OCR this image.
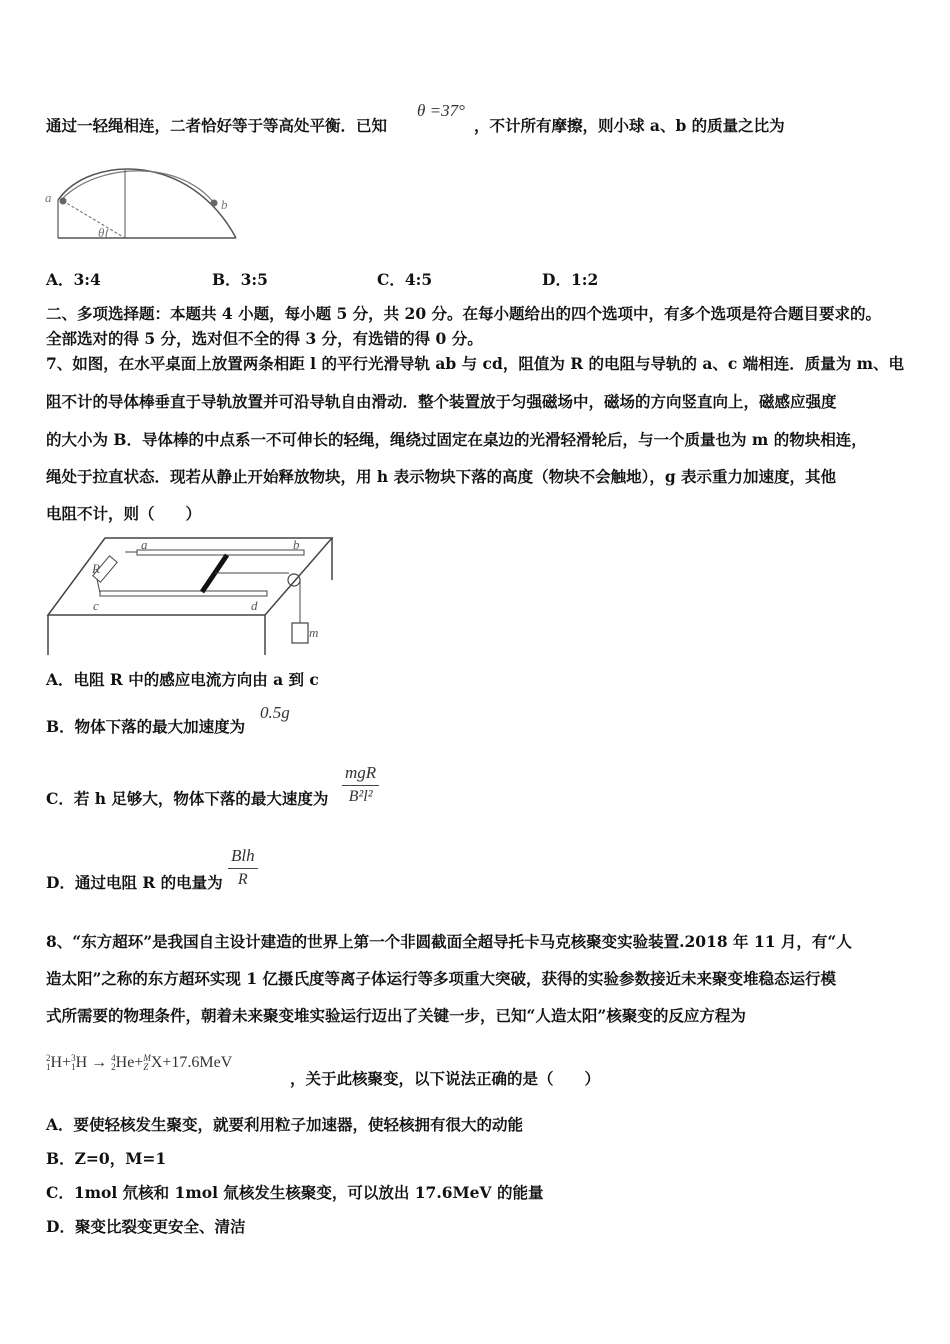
通过一轻绳相连，二者恰好等于等高处平衡．已知
θ =37°
，不计所有摩擦，则小球 a、b 的质量之比为
a	b
θ
A．3:4	B．3:5	C．4:5	D．1:2
二、多项选择题：本题共 4 小题，每小题 5 分，共 20 分。在每小题给出的四个选项中，有多个选项是符合题目要求的。
全部选对的得 5 分，选对但不全的得 3 分，有选错的得 0 分。
7、如图，在水平桌面上放置两条相距 l 的平行光滑导轨 ab 与 cd，阻值为 R 的电阻与导轨的 a、c 端相连．质量为 m、电
阻不计的导体棒垂直于导轨放置并可沿导轨自由滑动．整个装置放于匀强磁场中，磁场的方向竖直向上，磁感应强度
的大小为 B．导体棒的中点系一不可伸长的轻绳，绳绕过固定在桌边的光滑轻滑轮后，与一个质量也为 m 的物块相连，
绳处于拉直状态．现若从静止开始释放物块，用 h 表示物块下落的高度（物块不会触地），g 表示重力加速度，其他
电阻不计，则（　　）
a	b
c	d
R
m
A．电阻 R 中的感应电流方向由 a 到 c
B．物体下落的最大加速度为
0.5g
C．若 h 足够大，物体下落的最大速度为
mgR
B²l²
D．通过电阻 R 的电量为
Blh
R
8、“东方超环”是我国自主设计建造的世界上第一个非圆截面全超导托卡马克核聚变实验装置.2018 年 11 月，有“人
造太阳”之称的东方超环实现 1 亿摄氏度等离子体运行等多项重大突破，获得的实验参数接近未来聚变堆稳态运行模
式所需要的物理条件，朝着未来聚变堆实验运行迈出了关键一步，已知“人造太阳”核聚变的反应方程为
2
1H+3
1H → 4
2He+M
Z X+17.6MeV
，关于此核聚变，以下说法正确的是（　　）
A．要使轻核发生聚变，就要利用粒子加速器，使轻核拥有很大的动能
B．Z=0，M=1
C．1mol 氘核和 1mol 氚核发生核聚变，可以放出 17.6MeV 的能量
D．聚变比裂变更安全、清洁
